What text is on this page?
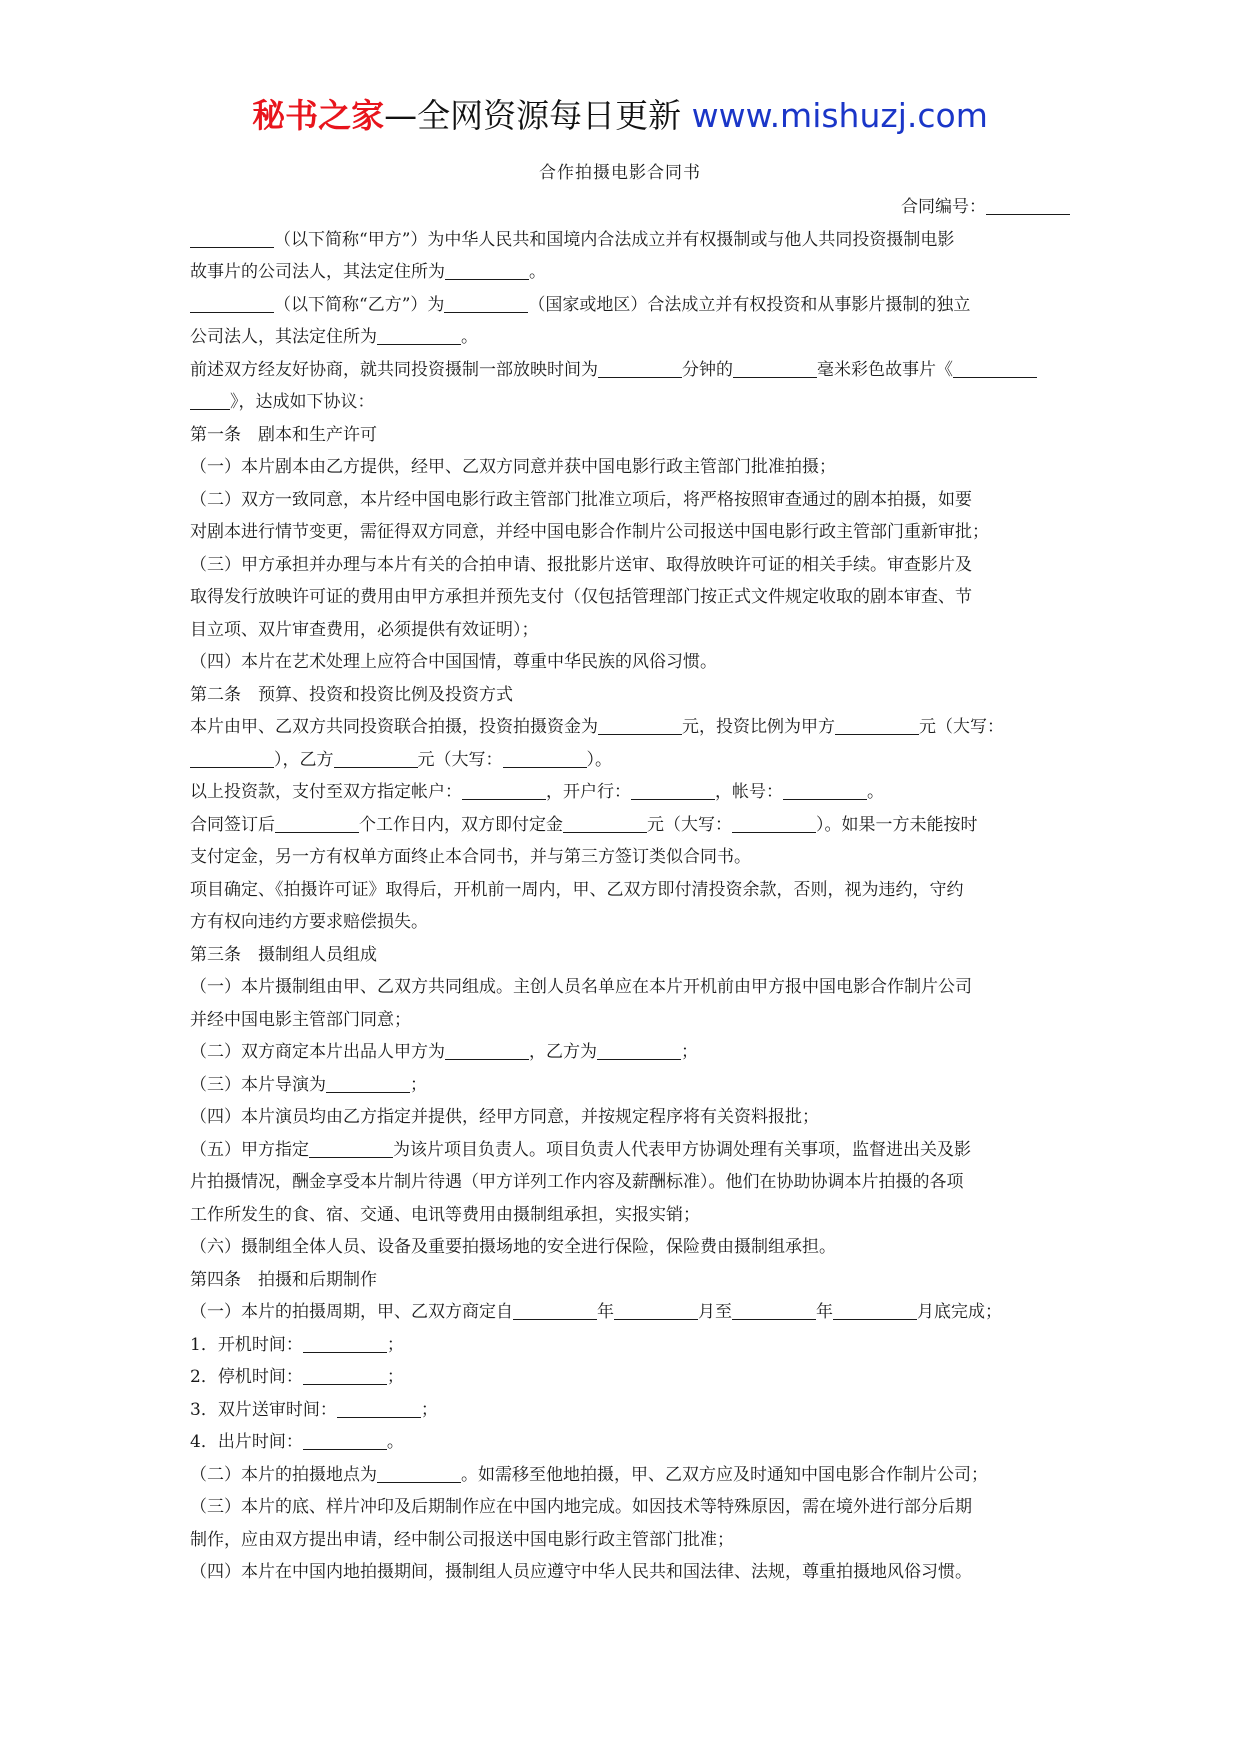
秘书之家—全网资源每日更新 www.mishuzj.com
合作拍摄电影合同书
合同编号：
（以下简称“甲方”）为中华人民共和国境内合法成立并有权摄制或与他人共同投资摄制电影
故事片的公司法人，其法定住所为	。
（以下简称“乙方”）为	（国家或地区）合法成立并有权投资和从事影片摄制的独立
公司法人，其法定住所为	。
前述双方经友好协商，就共同投资摄制一部放映时间为	分钟的	毫米彩色故事片《
》，达成如下协议：
第一条　剧本和生产许可
（一）本片剧本由乙方提供，经甲、乙双方同意并获中国电影行政主管部门批准拍摄；
（二）双方一致同意，本片经中国电影行政主管部门批准立项后，将严格按照审查通过的剧本拍摄，如要
对剧本进行情节变更，需征得双方同意，并经中国电影合作制片公司报送中国电影行政主管部门重新审批；
（三）甲方承担并办理与本片有关的合拍申请、报批影片送审、取得放映许可证的相关手续。审查影片及
取得发行放映许可证的费用由甲方承担并预先支付（仅包括管理部门按正式文件规定收取的剧本审查、节
目立项、双片审查费用，必须提供有效证明）；
（四）本片在艺术处理上应符合中国国情，尊重中华民族的风俗习惯。
第二条　预算、投资和投资比例及投资方式
本片由甲、乙双方共同投资联合拍摄，投资拍摄资金为	元，投资比例为甲方	元（大写：
），乙方	元（大写：	）。
以上投资款，支付至双方指定帐户：	，开户行：	，帐号：	。
合同签订后	个工作日内，双方即付定金	元（大写：	）。如果一方未能按时
支付定金，另一方有权单方面终止本合同书，并与第三方签订类似合同书。
项目确定、《拍摄许可证》取得后，开机前一周内，甲、乙双方即付清投资余款，否则，视为违约，守约
方有权向违约方要求赔偿损失。
第三条　摄制组人员组成
（一）本片摄制组由甲、乙双方共同组成。主创人员名单应在本片开机前由甲方报中国电影合作制片公司
并经中国电影主管部门同意；
（二）双方商定本片出品人甲方为	，乙方为	；
（三）本片导演为	；
（四）本片演员均由乙方指定并提供，经甲方同意，并按规定程序将有关资料报批；
（五）甲方指定	为该片项目负责人。项目负责人代表甲方协调处理有关事项，监督进出关及影
片拍摄情况，酬金享受本片制片待遇（甲方详列工作内容及薪酬标准）。他们在协助协调本片拍摄的各项
工作所发生的食、宿、交通、电讯等费用由摄制组承担，实报实销；
（六）摄制组全体人员、设备及重要拍摄场地的安全进行保险，保险费由摄制组承担。
第四条　拍摄和后期制作
（一）本片的拍摄周期，甲、乙双方商定自	年	月至	年	月底完成；
1．开机时间：	；
2．停机时间：	；
3．双片送审时间：	；
4．出片时间：	。
（二）本片的拍摄地点为	。如需移至他地拍摄，甲、乙双方应及时通知中国电影合作制片公司；
（三）本片的底、样片冲印及后期制作应在中国内地完成。如因技术等特殊原因，需在境外进行部分后期
制作，应由双方提出申请，经中制公司报送中国电影行政主管部门批准；
（四）本片在中国内地拍摄期间，摄制组人员应遵守中华人民共和国法律、法规，尊重拍摄地风俗习惯。
